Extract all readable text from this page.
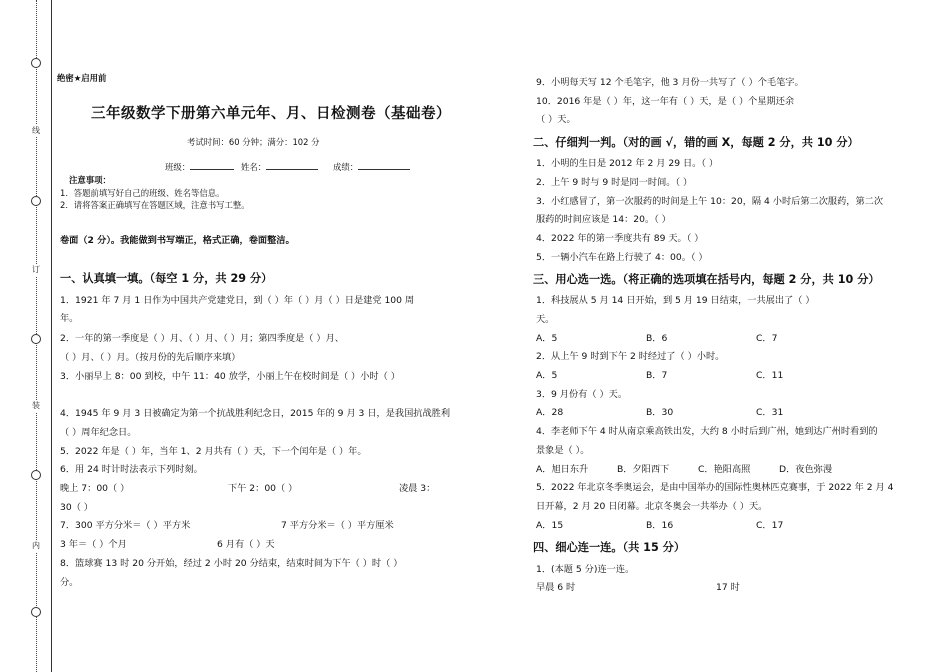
线
订
装
内
绝密★启用前
三年级数学下册第六单元年、月、日检测卷（基础卷）
考试时间：60 分钟；满分：102 分
班级：	姓名：	成绩：
注意事项：
1．答题前填写好自己的班级、姓名等信息。
2．请将答案正确填写在答题区域，注意书写工整。
卷面（2 分）。我能做到书写端正，格式正确，卷面整洁。
一、认真填一填。（每空 1 分，共 29 分）
1．1921 年 7 月 1 日作为中国共产党建党日，到（ ）年（ ）月（ ）日是建党 100 周
年。
2．一年的第一季度是（ ）月、（ ）月、（ ）月；第四季度是（ ）月、
（ ）月、（ ）月。（按月份的先后顺序来填）
3．小丽早上 8：00 到校，中午 11：40 放学，小丽上午在校时间是（ ）小时（ ）
4．1945 年 9 月 3 日被确定为第一个抗战胜利纪念日，2015 年的 9 月 3 日，是我国抗战胜利
（ ）周年纪念日。
5．2022 年是（ ）年，当年 1、2 月共有（ ）天，下一个闰年是（ ）年。
6．用 24 时计时法表示下列时刻。
晚上 7：00（ ）	下午 2：00（ ）	凌晨 3：
30（ ）
7．300 平方分米＝（ ）平方米	7 平方分米＝（ ）平方厘米
3 年＝（ ）个月	6 月有（ ）天
8．篮球赛 13 时 20 分开始，经过 2 小时 20 分结束，结束时间为下午（ ）时（ ）
分。
9．小明每天写 12 个毛笔字，他 3 月份一共写了（ ）个毛笔字。
10．2016 年是（ ）年，这一年有（ ）天，是（ ）个星期还余
（ ）天。
二、仔细判一判。（对的画 √，错的画 X，每题 2 分，共 10 分）
1．小明的生日是 2012 年 2 月 29 日。（ ）
2．上午 9 时与 9 时是同一时间。（ ）
3．小红感冒了，第一次服药的时间是上午 10：20，隔 4 小时后第二次服药，第二次
服药的时间应该是 14：20。（ ）
4．2022 年的第一季度共有 89 天。（ ）
5．一辆小汽车在路上行驶了 4：00。（ ）
三、用心选一选。（将正确的选项填在括号内，每题 2 分，共 10 分）
1．科技展从 5 月 14 日开始，到 5 月 19 日结束，一共展出了（ ）
天。
A．5	B．6	C．7
2．从上午 9 时到下午 2 时经过了（ ）小时。
A．5	B．7	C．11
3．9 月份有（ ）天。
A．28	B．30	C．31
4．李老师下午 4 时从南京乘高铁出发，大约 8 小时后到广州，她到达广州时看到的
景象是（ ）。
A．旭日东升	B．夕阳西下	C．艳阳高照	D．夜色弥漫
5．2022 年北京冬季奥运会，是由中国举办的国际性奥林匹克赛事，于 2022 年 2 月 4
日开幕，2 月 20 日闭幕。北京冬奥会一共举办（ ）天。
A．15	B．16	C．17
四、细心连一连。（共 15 分）
1．(本题 5 分)连一连。
早晨 6 时	17 时
